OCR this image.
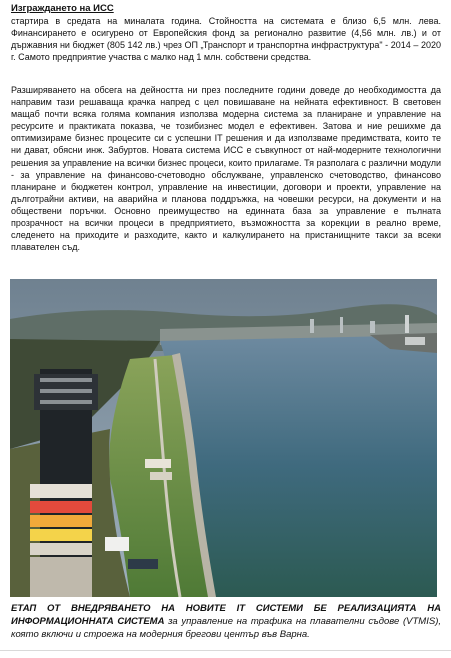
Изграждането на ИСС

стартира в средата на миналата година. Стойността на системата е близо 6,5 млн. лева. Финансирането е осигурено от Европейския фонд за регионално развитие (4,56 млн. лв.) и от държавния ни бюджет (805 142 лв.) чрез ОП „Транспорт и транспортна инфраструктура" - 2014 – 2020 г. Самото предприятие участва с малко над 1 млн. собствени средства.

Разширяването на обсега на дейността ни през последните години доведе до необходимостта да направим тази решаваща крачка напред с цел повишаване на нейната ефективност. В световен мащаб почти всяка голяма компания използва модерна система за планиране и управление на ресурсите и практиката показва, че тозибизнес модел е ефективен. Затова и ние решихме да оптимизираме бизнес процесите си с успешни IT решения и да използваме предимствата, които те ни дават, обясни инж. Забуртов. Новата система ИСС е съвкупност от най-модерните технологични решения за управление на всички бизнес процеси, които прилагаме. Тя разполага с различни модули - за управление на финансово-счетоводно обслужване, управленско счетоводство, финансово планиране и бюджетен контрол, управление на инвестиции, договори и проекти, управление на дълготрайни активи, на аварийна и планова поддръжка, на човешки ресурси, на документи и на обществени поръчки. Основно преимущество на единната база за управление е пълната прозрачност на всички процеси в предприятието, възможността за корекции в реално време, следенето на приходите и разходите, както и калкулирането на пристанищните такси за всеки плавателен съд.

ЕТАП ОТ ВНЕДРЯВАНЕТО НА НОВИТЕ IT СИСТЕМИ БЕ РЕАЛИЗАЦИЯТА НА ИНФОРМАЦИОННАТА СИСТЕМА за управление на трафика на плавателни съдове (VTMIS), която включи и строежа на модерния брегови център във Варна.
